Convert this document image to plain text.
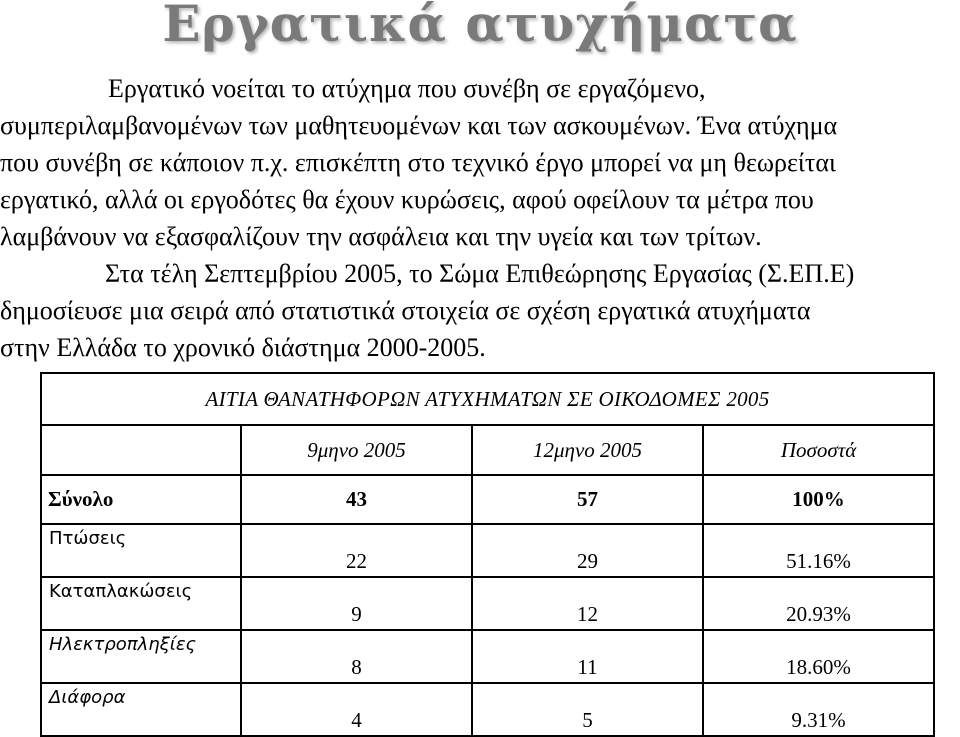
Εργατικά ατυχήματα
Εργατικό νοείται το ατύχημα που συνέβη σε εργαζόμενο,
συμπεριλαμβανομένων των μαθητευομένων και των ασκουμένων. Ένα ατύχημα
που συνέβη σε κάποιον π.χ. επισκέπτη στο τεχνικό έργο μπορεί να μη θεωρείται
εργατικό, αλλά οι εργοδότες θα έχουν κυρώσεις, αφού οφείλουν τα μέτρα που
λαμβάνουν να εξασφαλίζουν την ασφάλεια και την υγεία και των τρίτων.
Στα τέλη Σεπτεμβρίου 2005, το Σώμα Επιθεώρησης Εργασίας (Σ.ΕΠ.Ε)
δημοσίευσε μια σειρά από στατιστικά στοιχεία σε σχέση εργατικά ατυχήματα
στην Ελλάδα το χρονικό διάστημα 2000-2005.
ΑΙΤΙΑ ΘΑΝΑΤΗΦΟΡΩΝ ΑΤΥΧΗΜΑΤΩΝ ΣΕ ΟΙΚΟΔΟΜΕΣ 2005			
	9μηνο 2005	12μηνο 2005	Ποσοστά
Σύνολο	43	57	100%
Πτώσεις	22	29	51.16%
Καταπλακώσεις	9	12	20.93%
Ηλεκτροπληξίες	8	11	18.60%
Διάφορα	4	5	9.31%
